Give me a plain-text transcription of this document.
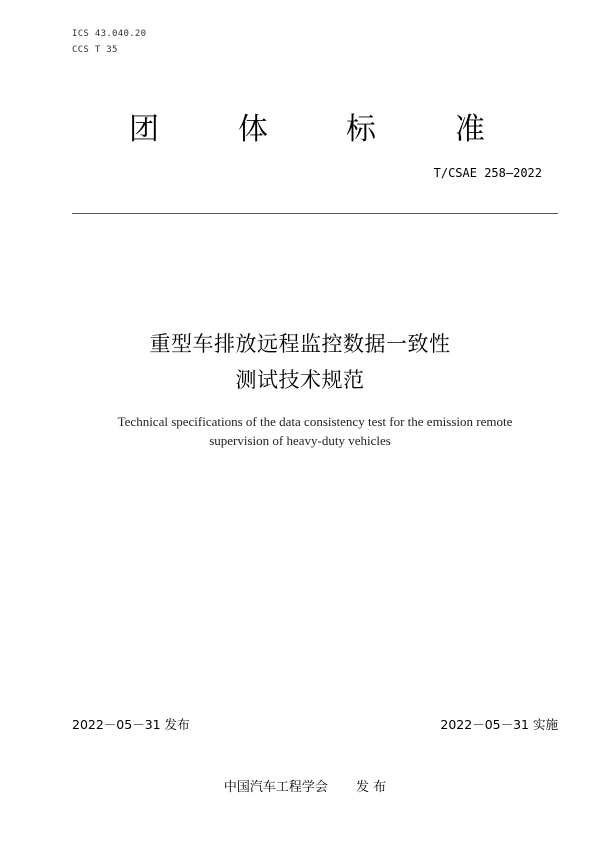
ICS 43.040.20
CCS T 35
团	体	标	准
T/CSAE 258—2022
重型车排放远程监控数据一致性
测试技术规范
Technical specifications of the data consistency test for the emission remote
supervision of heavy-duty vehicles
2022－05－31 发布	2022－05－31 实施
中国汽车工程学会 发 布
